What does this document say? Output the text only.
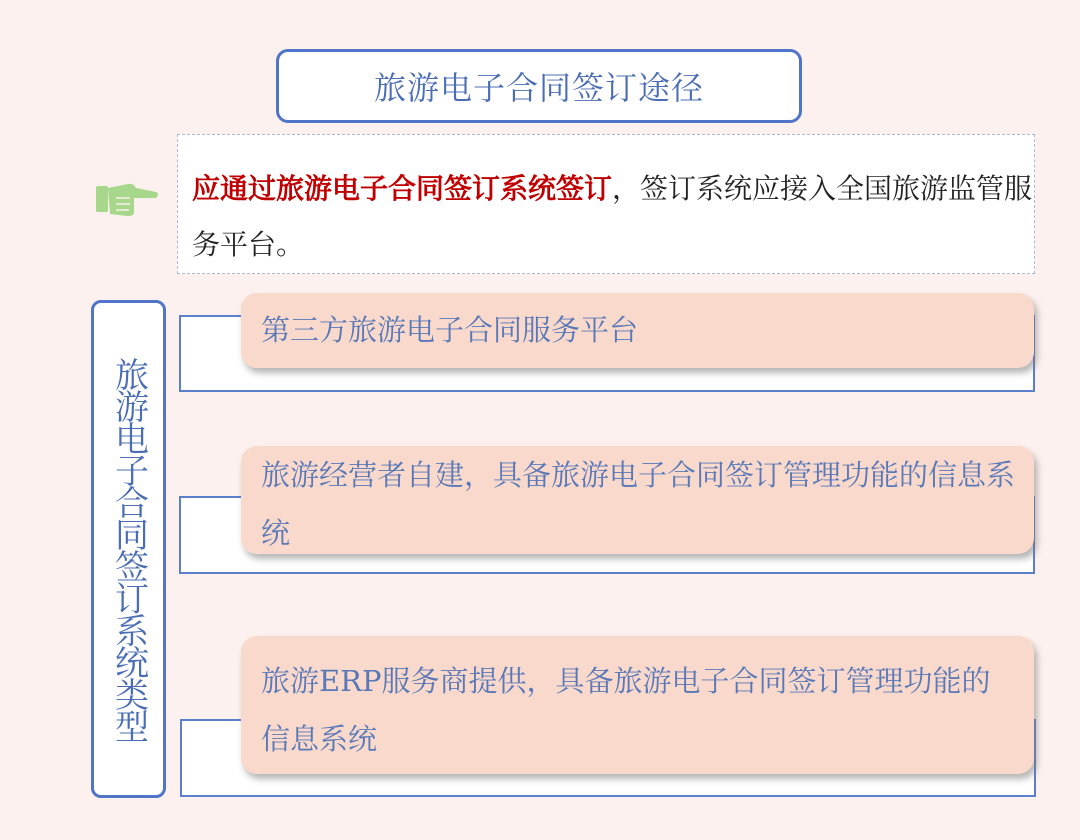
旅游电子合同签订途径
应通过旅游电子合同签订系统签订，签订系统应接入全国旅游监管服务平台。
旅游电子合同签订系统类型
第三方旅游电子合同服务平台
旅游经营者自建，具备旅游电子合同签订管理功能的信息系统
旅游ERP服务商提供，具备旅游电子合同签订管理功能的信息系统
